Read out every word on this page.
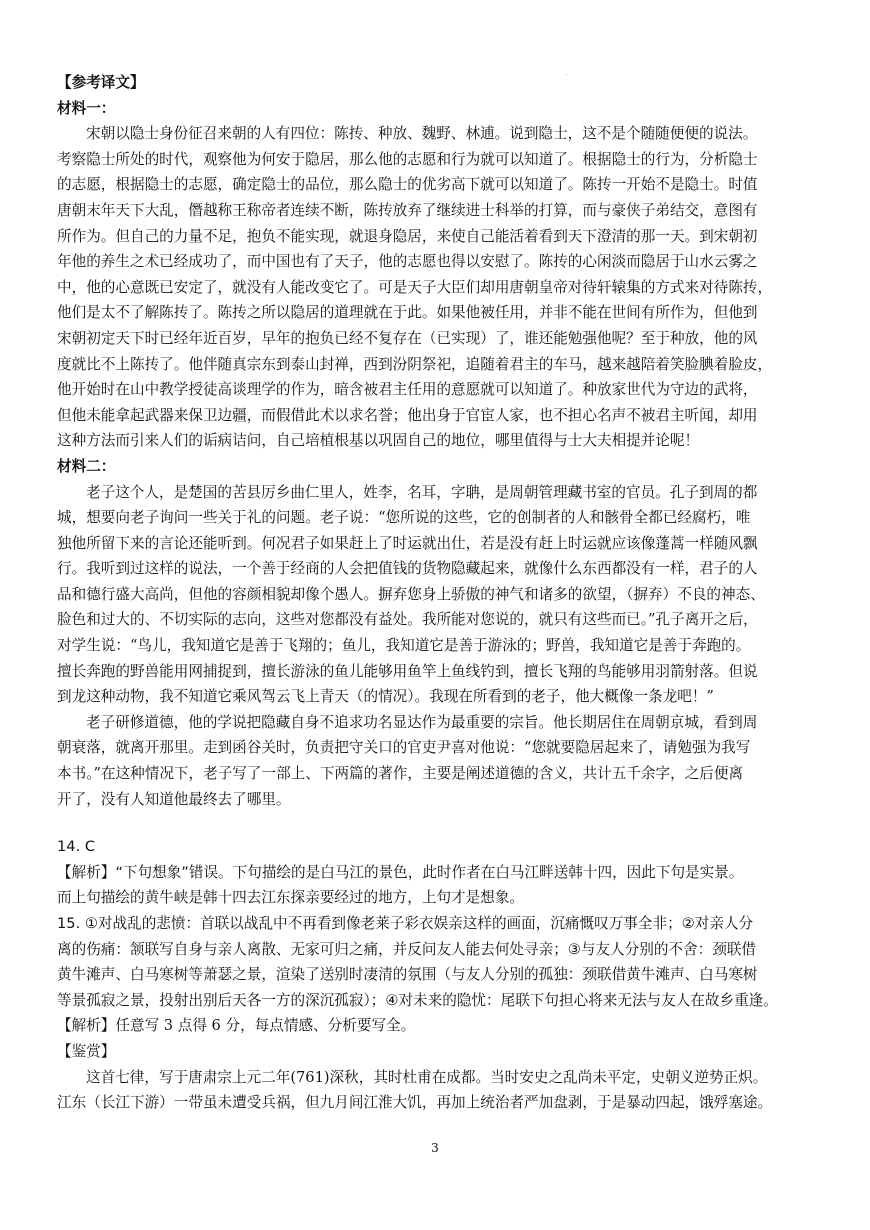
【参考译文】
材料一：
宋朝以隐士身份征召来朝的人有四位：陈抟、种放、魏野、林逋。说到隐士，这不是个随随便便的说法。
考察隐士所处的时代，观察他为何安于隐居，那么他的志愿和行为就可以知道了。根据隐士的行为，分析隐士
的志愿，根据隐士的志愿，确定隐士的品位，那么隐士的优劣高下就可以知道了。陈抟一开始不是隐士。时值
唐朝末年天下大乱，僭越称王称帝者连续不断，陈抟放弃了继续进士科举的打算，而与豪侠子弟结交，意图有
所作为。但自己的力量不足，抱负不能实现，就退身隐居，来使自己能活着看到天下澄清的那一天。到宋朝初
年他的养生之术已经成功了，而中国也有了天子，他的志愿也得以安慰了。陈抟的心闲淡而隐居于山水云雾之
中，他的心意既已安定了，就没有人能改变它了。可是天子大臣们却用唐朝皇帝对待轩辕集的方式来对待陈抟，
他们是太不了解陈抟了。陈抟之所以隐居的道理就在于此。如果他被任用，并非不能在世间有所作为，但他到
宋朝初定天下时已经年近百岁，早年的抱负已经不复存在（已实现）了，谁还能勉强他呢？至于种放，他的风
度就比不上陈抟了。他伴随真宗东到泰山封禅，西到汾阴祭祀，追随着君主的车马，越来越陪着笑脸腆着脸皮，
他开始时在山中教学授徒高谈理学的作为，暗含被君主任用的意愿就可以知道了。种放家世代为守边的武将，
但他未能拿起武器来保卫边疆，而假借此术以求名誉；他出身于官宦人家，也不担心名声不被君主听闻，却用
这种方法而引来人们的诟病诘问，自己培植根基以巩固自己的地位，哪里值得与士大夫相提并论呢！
材料二：
老子这个人，是楚国的苦县厉乡曲仁里人，姓李，名耳，字聃，是周朝管理藏书室的官员。孔子到周的都
城，想要向老子询问一些关于礼的问题。老子说：“您所说的这些，它的创制者的人和骸骨全都已经腐朽，唯
独他所留下来的言论还能听到。何况君子如果赶上了时运就出仕，若是没有赶上时运就应该像蓬蒿一样随风飘
行。我听到过这样的说法，一个善于经商的人会把值钱的货物隐藏起来，就像什么东西都没有一样，君子的人
品和德行盛大高尚，但他的容颜相貌却像个愚人。摒弃您身上骄傲的神气和诸多的欲望，（摒弃）不良的神态、
脸色和过大的、不切实际的志向，这些对您都没有益处。我所能对您说的，就只有这些而已。”孔子离开之后，
对学生说：“鸟儿，我知道它是善于飞翔的；鱼儿，我知道它是善于游泳的；野兽，我知道它是善于奔跑的。
擅长奔跑的野兽能用网捕捉到，擅长游泳的鱼儿能够用鱼竿上鱼线钓到，擅长飞翔的鸟能够用羽箭射落。但说
到龙这种动物，我不知道它乘风驾云飞上青天（的情况）。我现在所看到的老子，他大概像一条龙吧！”
老子研修道德，他的学说把隐藏自身不追求功名显达作为最重要的宗旨。他长期居住在周朝京城，看到周
朝衰落，就离开那里。走到函谷关时，负责把守关口的官吏尹喜对他说：“您就要隐居起来了，请勉强为我写
本书。”在这种情况下，老子写了一部上、下两篇的著作，主要是阐述道德的含义，共计五千余字，之后便离
开了，没有人知道他最终去了哪里。
14. C
【解析】“下句想象”错误。下句描绘的是白马江的景色，此时作者在白马江畔送韩十四，因此下句是实景。
而上句描绘的黄牛峡是韩十四去江东探亲要经过的地方，上句才是想象。
15. ①对战乱的悲愤：首联以战乱中不再看到像老莱子彩衣娱亲这样的画面，沉痛慨叹万事全非；②对亲人分
离的伤痛：颔联写自身与亲人离散、无家可归之痛，并反问友人能去何处寻亲；③与友人分别的不舍：颈联借
黄牛滩声、白马寒树等萧瑟之景，渲染了送别时凄清的氛围（与友人分别的孤独：颈联借黄牛滩声、白马寒树
等景孤寂之景，投射出别后天各一方的深沉孤寂）；④对未来的隐忧：尾联下句担心将来无法与友人在故乡重逢。
【解析】任意写 3 点得 6 分，每点情感、分析要写全。
【鉴赏】
这首七律，写于唐肃宗上元二年(761)深秋，其时杜甫在成都。当时安史之乱尚未平定，史朝义逆势正炽。
江东（长江下游）一带虽未遭受兵祸，但九月间江淮大饥，再加上统治者严加盘剥，于是暴动四起，饿殍塞途。
3
